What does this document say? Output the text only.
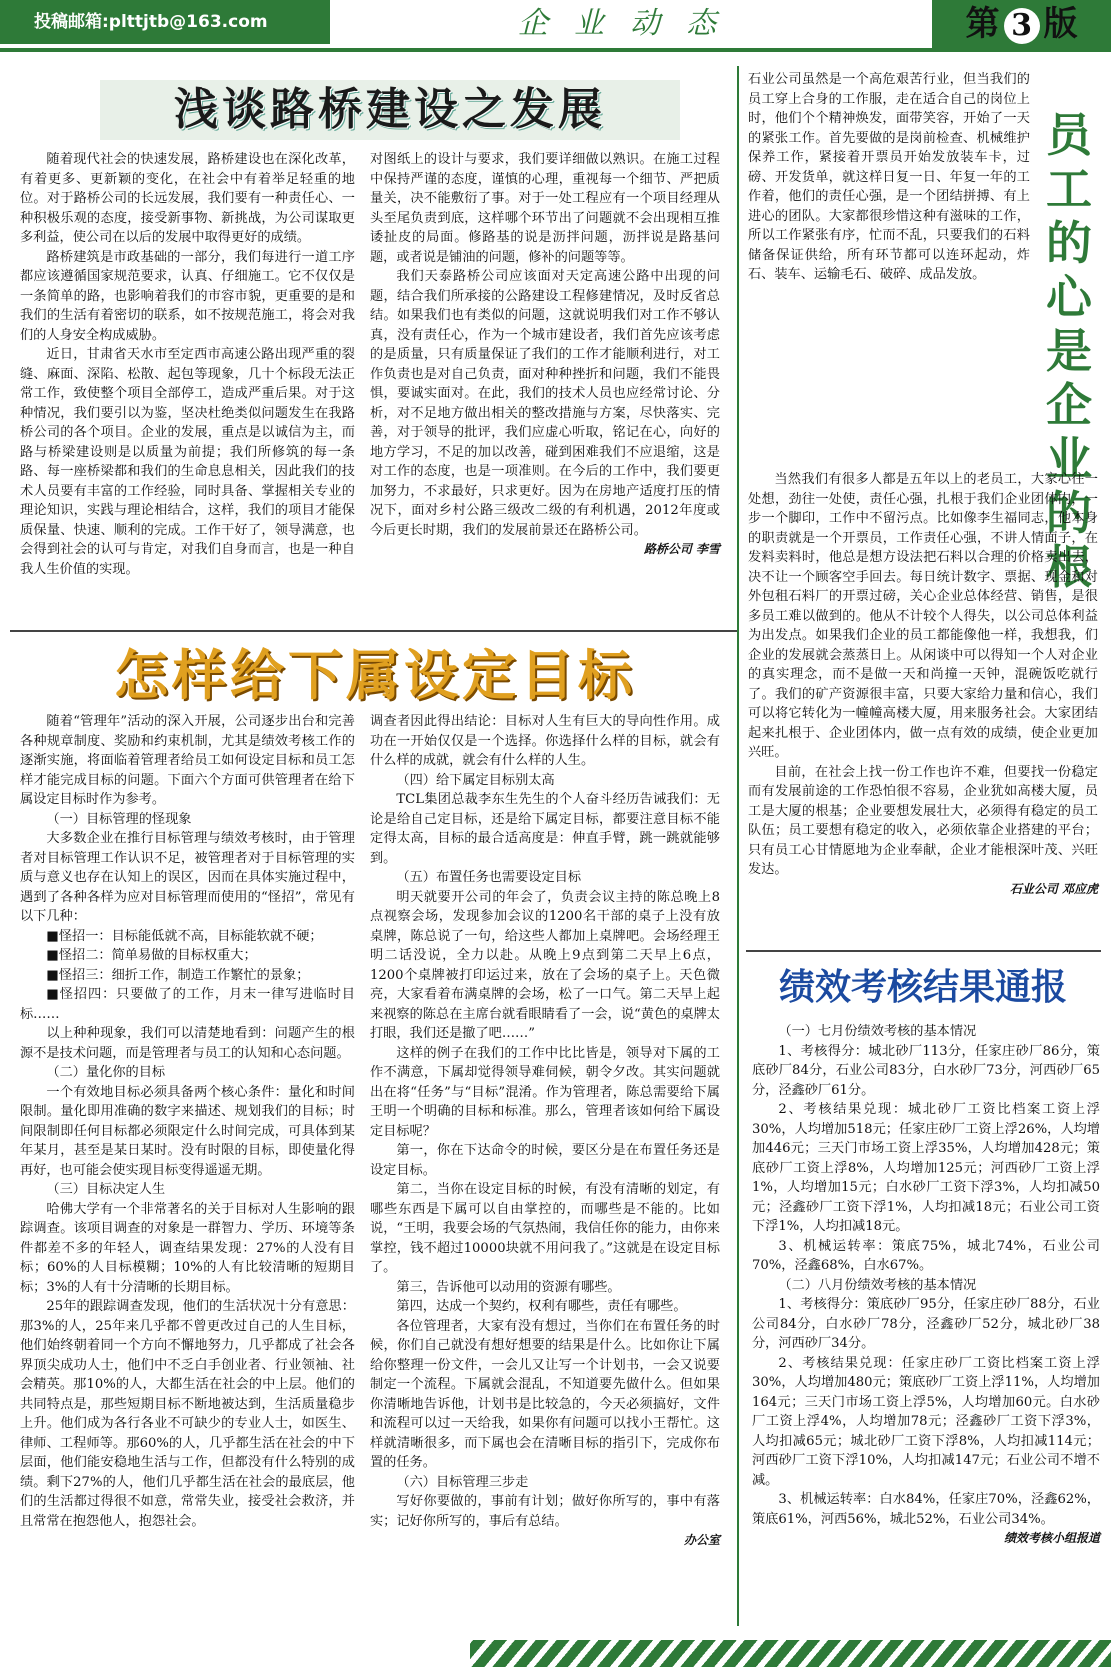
投稿邮箱:plttjtb@163.com	企业动态	第 3 版
浅谈路桥建设之发展

随着现代社会的快速发展，路桥建设也在深化改革，有着更多、更新颖的变化，在社会中有着举足轻重的地位。对于路桥公司的长远发展，我们要有一种责任心、一种积极乐观的态度，接受新事物、新挑战，为公司谋取更多利益，使公司在以后的发展中取得更好的成绩。

路桥建筑是市政基础的一部分，我们每进行一道工序都应该遵循国家规范要求，认真、仔细施工。它不仅仅是一条简单的路，也影响着我们的市容市貌，更重要的是和我们的生活有着密切的联系，如不按规范施工，将会对我们的人身安全构成威胁。

近日，甘肃省天水市至定西市高速公路出现严重的裂缝、麻面、深陷、松散、起包等现象，几十个标段无法正常工作，致使整个项目全部停工，造成严重后果。对于这种情况，我们要引以为鉴，坚决杜绝类似问题发生在我路桥公司的各个项目。企业的发展，重点是以诚信为主，而路与桥梁建设则是以质量为前提；我们所修筑的每一条路、每一座桥梁都和我们的生命息息相关，因此我们的技术人员要有丰富的工作经验，同时具备、掌握相关专业的理论知识，实践与理论相结合，这样，我们的项目才能保质保量、快速、顺利的完成。工作干好了，领导满意，也会得到社会的认可与肯定，对我们自身而言，也是一种自我人生价值的实现。

对图纸上的设计与要求，我们要详细做以熟识。在施工过程中保持严谨的态度，谨慎的心理，重视每一个细节、严把质量关，决不能敷衍了事。对于一处工程应有一个项目经理从头至尾负责到底，这样哪个环节出了问题就不会出现相互推诿扯皮的局面。修路基的说是沥拌问题，沥拌说是路基问题，或者说是铺油的问题，修补的问题等等。

我们天泰路桥公司应该面对天定高速公路中出现的问题，结合我们所承接的公路建设工程修建情况，及时反省总结。如果我们也有类似的问题，这就说明我们对工作不够认真，没有责任心，作为一个城市建设者，我们首先应该考虑的是质量，只有质量保证了我们的工作才能顺利进行，对工作负责也是对自己负责，面对种种挫折和问题，我们不能畏惧，要诚实面对。在此，我们的技术人员也应经常讨论、分析，对不足地方做出相关的整改措施与方案，尽快落实、完善，对于领导的批评，我们应虚心听取，铭记在心，向好的地方学习，不足的加以改善，碰到困难我们不应退缩，这是对工作的态度，也是一项准则。在今后的工作中，我们要更加努力，不求最好，只求更好。因为在房地产适度打压的情况下，面对乡村公路三级改二级的有利机遇，2012年度或今后更长时期，我们的发展前景还在路桥公司。

路桥公司 李雪
怎样给下属设定目标

随着“管理年”活动的深入开展，公司逐步出台和完善各种规章制度、奖励和约束机制，尤其是绩效考核工作的逐渐实施，将面临着管理者给员工如何设定目标和员工怎样才能完成目标的问题。下面六个方面可供管理者在给下属设定目标时作为参考。

（一）目标管理的怪现象

大多数企业在推行目标管理与绩效考核时，由于管理者对目标管理工作认识不足，被管理者对于目标管理的实质与意义也存在认知上的误区，因而在具体实施过程中，遇到了各种各样为应对目标管理而使用的“怪招”，常见有以下几种：

■怪招一：目标能低就不高，目标能软就不硬；

■怪招二：简单易做的目标权重大；

■怪招三：细折工作，制造工作繁忙的景象；

■怪招四：只要做了的工作，月末一律写进临时目标……

以上种种现象，我们可以清楚地看到：问题产生的根源不是技术问题，而是管理者与员工的认知和心态问题。

（二）量化你的目标

一个有效地目标必须具备两个核心条件：量化和时间限制。量化即用准确的数字来描述、规划我们的目标；时间限制即任何目标都必须限定什么时间完成，可具体到某年某月，甚至是某日某时。没有时限的目标，即使量化得再好，也可能会使实现目标变得遥遥无期。

（三）目标决定人生

哈佛大学有一个非常著名的关于目标对人生影响的跟踪调查。该项目调查的对象是一群智力、学历、环境等条件都差不多的年轻人，调查结果发现：27%的人没有目标；60%的人目标模糊；10%的人有比较清晰的短期目标；3%的人有十分清晰的长期目标。

25年的跟踪调查发现，他们的生活状况十分有意思：那3%的人，25年来几乎都不曾更改过自己的人生目标，他们始终朝着同一个方向不懈地努力，几乎都成了社会各界顶尖成功人士，他们中不乏白手创业者、行业领袖、社会精英。那10%的人，大都生活在社会的中上层。他们的共同特点是，那些短期目标不断地被达到，生活质量稳步上升。他们成为各行各业不可缺少的专业人士，如医生、律师、工程师等。那60%的人，几乎都生活在社会的中下层面，他们能安稳地生活与工作，但都没有什么特别的成绩。剩下27%的人，他们几乎都生活在社会的最底层，他们的生活都过得很不如意，常常失业，接受社会救济，并且常常在抱怨他人，抱怨社会。

调查者因此得出结论：目标对人生有巨大的导向性作用。成功在一开始仅仅是一个选择。你选择什么样的目标，就会有什么样的成就，就会有什么样的人生。

（四）给下属定目标别太高

TCL集团总裁李东生先生的个人奋斗经历告诫我们：无论是给自己定目标，还是给下属定目标，都要注意目标不能定得太高，目标的最合适高度是：伸直手臂，跳一跳就能够到。

（五）布置任务也需要设定目标

明天就要开公司的年会了，负责会议主持的陈总晚上8点视察会场，发现参加会议的1200名干部的桌子上没有放桌牌，陈总说了一句，给这些人都加上桌牌吧。会场经理王明二话没说，全力以赴。从晚上9点到第二天早上6点，1200个桌牌被打印运过来，放在了会场的桌子上。天色微亮，大家看着布满桌牌的会场，松了一口气。第二天早上起来视察的陈总在主席台就看眼睛看了一会，说“黄色的桌牌太打眼，我们还是撤了吧……”

这样的例子在我们的工作中比比皆是，领导对下属的工作不满意，下属却觉得领导难伺候，朝令夕改。其实问题就出在将“任务”与“目标”混淆。作为管理者，陈总需要给下属王明一个明确的目标和标准。那么，管理者该如何给下属设定目标呢？

第一，你在下达命令的时候，要区分是在布置任务还是设定目标。

第二，当你在设定目标的时候，有没有清晰的划定，有哪些东西是下属可以自由掌控的，而哪些是不能的。比如说，“王明，我要会场的气氛热闹，我信任你的能力，由你来掌控，钱不超过10000块就不用问我了。”这就是在设定目标了。

第三，告诉他可以动用的资源有哪些。

第四，达成一个契约，权利有哪些，责任有哪些。

各位管理者，大家有没有想过，当你们在布置任务的时候，你们自己就没有想好想要的结果是什么。比如你让下属给你整理一份文件，一会儿又让写一个计划书，一会又说要制定一个流程。下属就会混乱，不知道要先做什么。但如果你清晰地告诉他，计划书是比较急的，今天必须搞好，文件和流程可以过一天给我，如果你有问题可以找小王帮忙。这样就清晰很多，而下属也会在清晰目标的指引下，完成你布置的任务。

（六）目标管理三步走

写好你要做的，事前有计划；做好你所写的，事中有落实；记好你所写的，事后有总结。

办公室
员工的心是企业的根

石业公司虽然是一个高危艰苦行业，但当我们的员工穿上合身的工作服，走在适合自己的岗位上时，他们个个精神焕发，面带笑容，开始了一天的紧张工作。首先要做的是岗前检查、机械维护保养工作，紧接着开票员开始发放装车卡，过磅、开发货单，就这样日复一日、年复一年的工作着，他们的责任心强，是一个团结拼搏、有上进心的团队。大家都很珍惜这种有滋味的工作，所以工作紧张有序，忙而不乱，只要我们的石料储备保证供给，所有环节都可以连环起动，炸石、装车、运输毛石、破碎、成品发放。

当然我们有很多人都是五年以上的老员工，大家心往一处想，劲往一处使，责任心强，扎根于我们企业团体内，一步一个脚印，工作中不留污点。比如像李生福同志，他本身的职责就是一个开票员，工作责任心强，不讲人情面子，在发料卖料时，他总是想方设法把石料以合理的价格卖出去，决不让一个顾客空手回去。每日统计数字、票据、现金和对外包租石料厂的开票过磅，关心企业总体经营、销售，是很多员工难以做到的。他从不计较个人得失，以公司总体利益为出发点。如果我们企业的员工都能像他一样，我想我，们企业的发展就会蒸蒸日上。从闲谈中可以得知一个人对企业的真实理念，而不是做一天和尚撞一天钟，混碗饭吃就行了。我们的矿产资源很丰富，只要大家给力量和信心，我们可以将它转化为一幢幢高楼大厦，用来服务社会。大家团结起来扎根于、企业团体内，做一点有效的成绩，使企业更加兴旺。

目前，在社会上找一份工作也许不难，但要找一份稳定而有发展前途的工作恐怕很不容易，企业犹如高楼大厦，员工是大厦的根基；企业要想发展壮大，必须得有稳定的员工队伍；员工要想有稳定的收入，必须依靠企业搭建的平台；只有员工心甘情愿地为企业奉献，企业才能根深叶茂、兴旺发达。

石业公司 邓应虎
绩效考核结果通报

（一）七月份绩效考核的基本情况

1、考核得分：城北砂厂113分，任家庄砂厂86分，策底砂厂84分，石业公司83分，白水砂厂73分，河西砂厂65分，泾鑫砂厂61分。

2、考核结果兑现：城北砂厂工资比档案工资上浮30%，人均增加518元；任家庄砂厂工资上浮26%，人均增加446元；三天门市场工资上浮35%，人均增加428元；策底砂厂工资上浮8%，人均增加125元；河西砂厂工资上浮1%，人均增加15元；白水砂厂工资下浮3%，人均扣减50元；泾鑫砂厂工资下浮1%，人均扣减18元；石业公司工资下浮1%，人均扣减18元。

3、机械运转率：策底75%，城北74%，石业公司70%，泾鑫68%，白水67%。

（二）八月份绩效考核的基本情况

1、考核得分：策底砂厂95分，任家庄砂厂88分，石业公司84分，白水砂厂78分，泾鑫砂厂52分，城北砂厂38分，河西砂厂34分。

2、考核结果兑现：任家庄砂厂工资比档案工资上浮30%，人均增加480元；策底砂厂工资上浮11%，人均增加164元；三天门市场工资上浮5%，人均增加60元。白水砂厂工资上浮4%，人均增加78元；泾鑫砂厂工资下浮3%，人均扣减65元；城北砂厂工资下浮8%，人均扣减114元；河西砂厂工资下浮10%，人均扣减147元；石业公司不增不减。

3、机械运转率：白水84%，任家庄70%，泾鑫62%，策底61%，河西56%，城北52%，石业公司34%。

绩效考核小组报道
